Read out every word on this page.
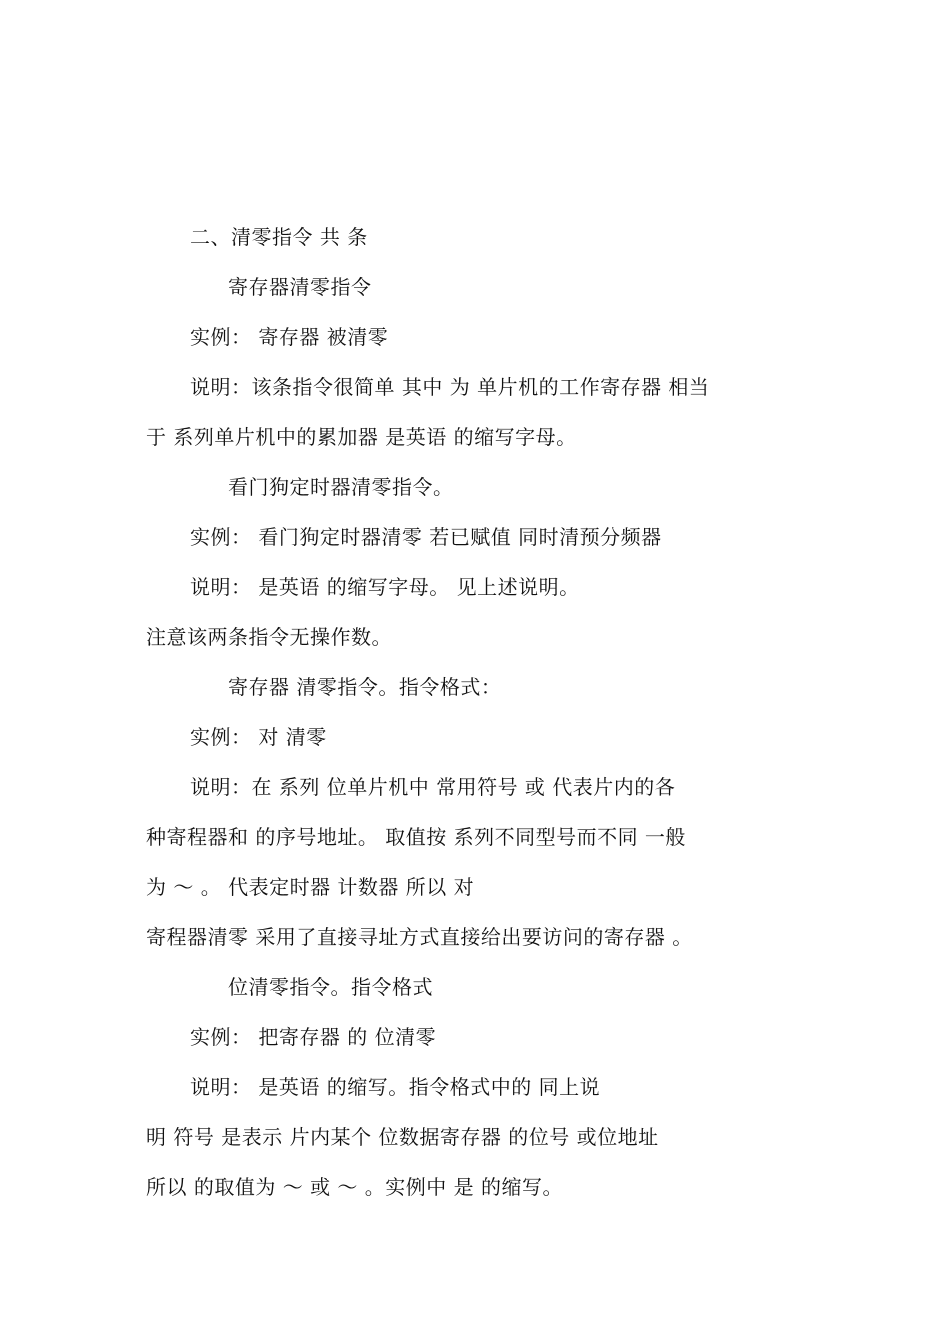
二、清零指令 共 条
寄存器清零指令
实例： 寄存器 被清零
说明：该条指令很简单 其中 为 单片机的工作寄存器 相当
于 系列单片机中的累加器 是英语 的缩写字母。
看门狗定时器清零指令。
实例： 看门狗定时器清零 若已赋值 同时清预分频器
说明： 是英语 的缩写字母。 见上述说明。
注意该两条指令无操作数。
寄存器 清零指令。指令格式：
实例： 对 清零
说明：在 系列 位单片机中 常用符号 或 代表片内的各
种寄程器和 的序号地址。 取值按 系列不同型号而不同 一般
为 ～ 。 代表定时器 计数器 所以 对
寄程器清零 采用了直接寻址方式直接给出要访问的寄存器 。
位清零指令。指令格式
实例： 把寄存器 的 位清零
说明： 是英语 的缩写。指令格式中的 同上说
明 符号 是表示 片内某个 位数据寄存器 的位号 或位地址
所以 的取值为 ～ 或 ～ 。实例中 是 的缩写。
